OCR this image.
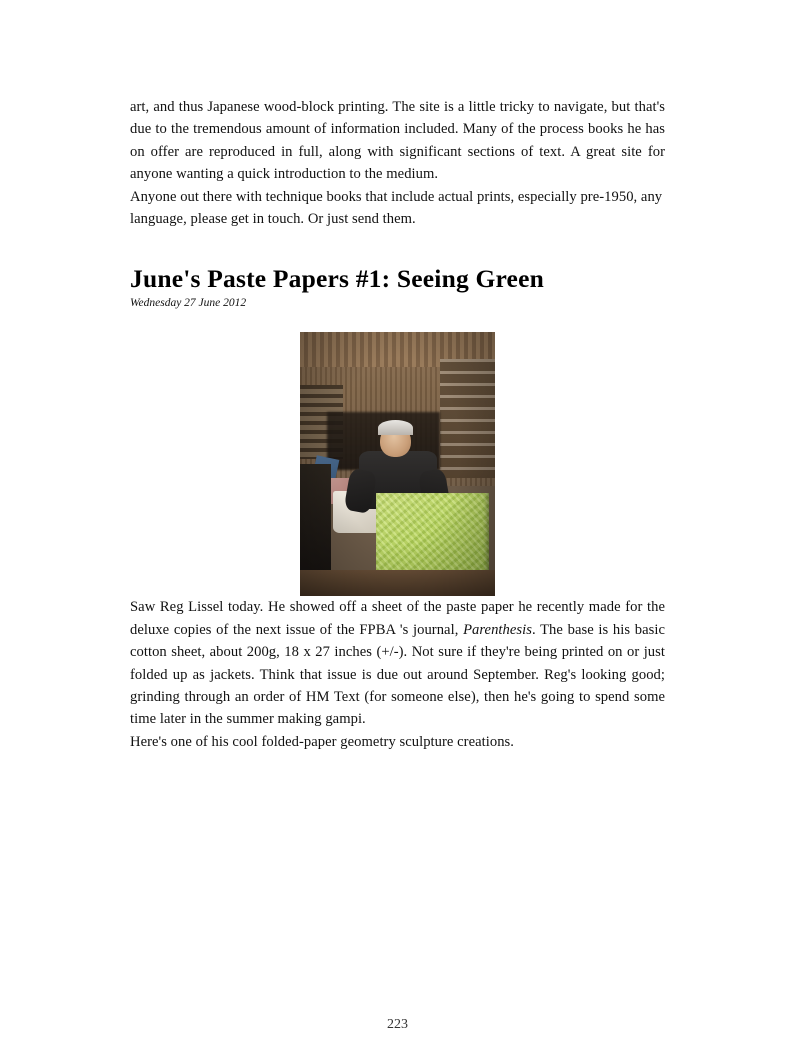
art, and thus Japanese wood-block printing. The site is a little tricky to navigate, but that's due to the tremendous amount of information included. Many of the process books he has on offer are reproduced in full, along with significant sections of text. A great site for anyone wanting a quick introduction to the medium.

Anyone out there with technique books that include actual prints, especially pre-1950, any language, please get in touch. Or just send them.

June's Paste Papers #1: Seeing Green
Wednesday 27 June 2012

Saw Reg Lissel today. He showed off a sheet of the paste paper he recently made for the deluxe copies of the next issue of the FPBA 's journal, Parenthesis. The base is his basic cotton sheet, about 200g, 18 x 27 inches (+/-). Not sure if they're being printed on or just folded up as jackets. Think that issue is due out around September. Reg's looking good; grinding through an order of HM Text (for someone else), then he's going to spend some time later in the summer making gampi.

Here's one of his cool folded-paper geometry sculpture creations.

223
